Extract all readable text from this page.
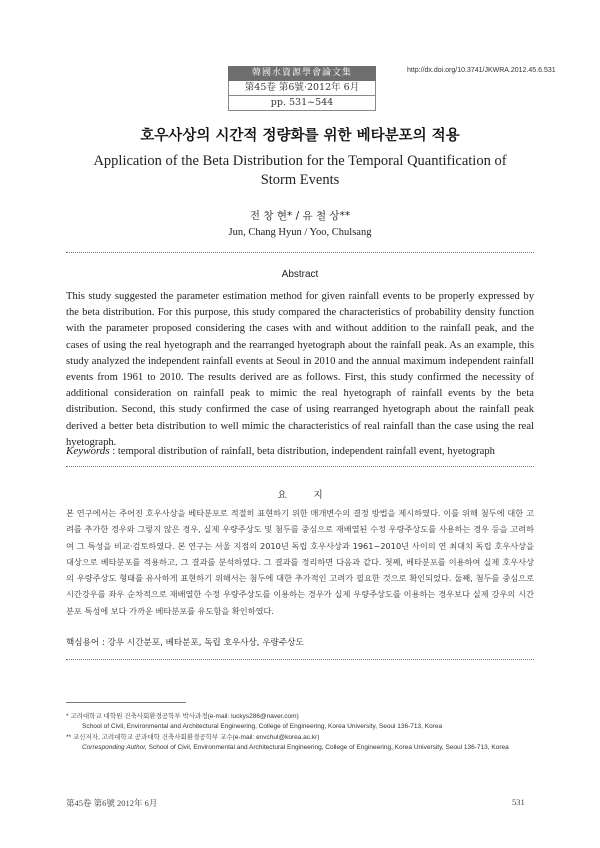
韓國水資源學會論文集
第45卷 第6號·2012年 6月
pp. 531~544
http://dx.doi.org/10.3741/JKWRA.2012.45.6.531
호우사상의 시간적 정량화를 위한 베타분포의 적용
Application of the Beta Distribution for the Temporal Quantification of
Storm Events
전 창 현* / 유 철 상**
Jun, Chang Hyun / Yoo, Chulsang
Abstract

This study suggested the parameter estimation method for given rainfall events to be properly expressed by the beta distribution. For this purpose, this study compared the characteristics of probability density function with the parameter proposed considering the cases with and without addition to the rainfall peak, and the cases of using the real hyetograph and the rearranged hyetograph about the rainfall peak. As an example, this study analyzed the independent rainfall events at Seoul in 2010 and the annual maximum independent rainfall events from 1961 to 2010. The results derived are as follows. First, this study confirmed the necessity of additional consideration on rainfall peak to mimic the real hyetograph of rainfall events by the beta distribution. Second, this study confirmed the case of using rearranged hyetograph about the rainfall peak derived a better beta distribution to well mimic the characteristics of real rainfall than the case using the real hyetograph.

Keywords : temporal distribution of rainfall, beta distribution, independent rainfall event, hyetograph
요 지

본 연구에서는 주어진 호우사상을 베타분포로 적절히 표현하기 위한 매개변수의 결정 방법을 제시하였다. 이를 위해 첨두에 대한 고려를 추가한 경우와 그렇지 않은 경우, 실제 우량주상도 및 첨두를 중심으로 재배열된 수정 우량주상도를 사용하는 경우 등을 고려하여 그 특성을 비교·검토하였다. 본 연구는 서울 지점의 2010년 독립 호우사상과 1961~2010년 사이의 연 최대치 독립 호우사상을 대상으로 베타분포를 적용하고, 그 결과를 분석하였다. 그 결과를 정리하면 다음과 같다. 첫째, 베타분포를 이용하여 실제 호우사상의 우량주상도 형태를 유사하게 표현하기 위해서는 첨두에 대한 추가적인 고려가 필요한 것으로 확인되었다. 둘째, 첨두를 중심으로 시간강우를 좌우 순차적으로 재배열한 수정 우량주상도를 이용하는 경우가 실제 우량주상도를 이용하는 경우보다 실제 강우의 시간분포 특성에 보다 가까운 베타분포를 유도함을 확인하였다.

핵심용어 : 강우 시간분포, 베타분포, 독립 호우사상, 우량주상도
* 고려대학교 대학원 건축사회환경공학부 박사과정(e-mail: luckys286@naver.com)
School of Civil, Environmental and Architectural Engineering, College of Engineering, Korea University, Seoul 136-713, Korea
** 교신저자, 고려대학교 공과대학 건축사회환경공학부 교수(e-mail: envchul@korea.ac.kr)
Corresponding Author, School of Civil, Environmental and Architectural Engineering, College of Engineering, Korea University, Seoul 136-713, Korea
第45卷 第6號 2012年 6月	531
